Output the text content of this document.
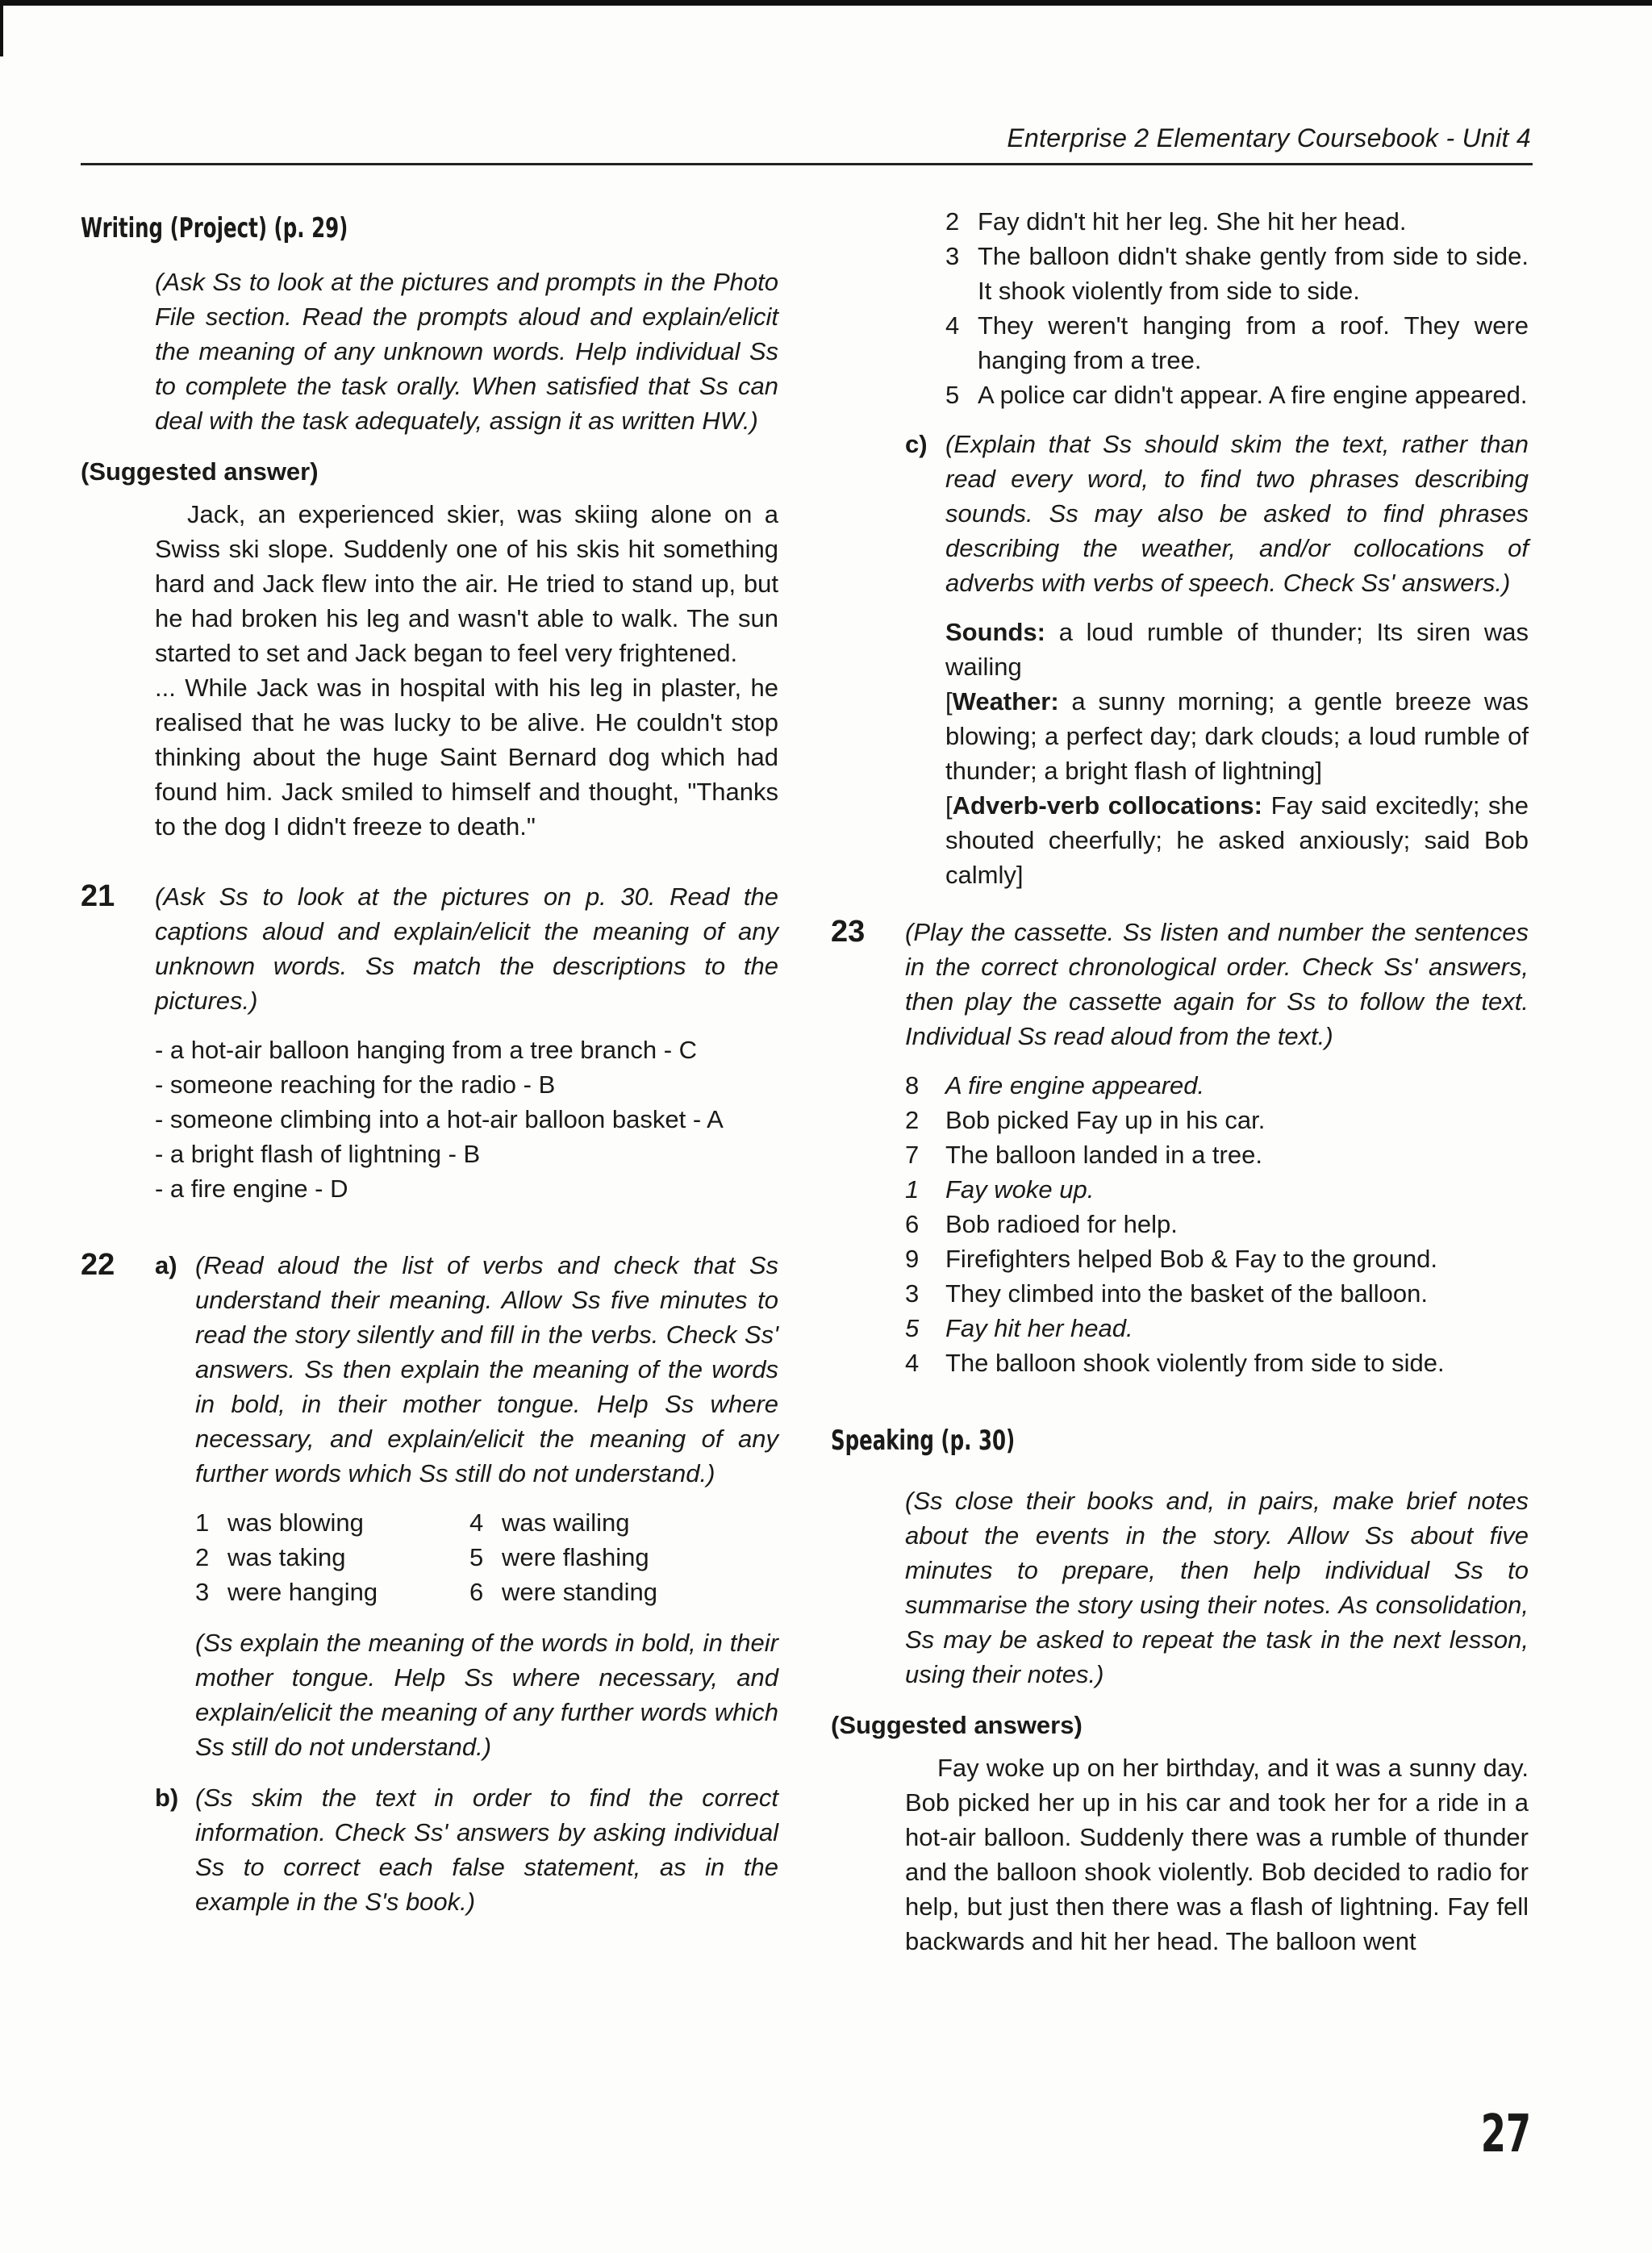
Enterprise 2 Elementary Coursebook - Unit 4
Writing (Project) (p. 29)
(Ask Ss to look at the pictures and prompts in the Photo File section. Read the prompts aloud and explain/elicit the meaning of any unknown words. Help individual Ss to complete the task orally. When satisfied that Ss can deal with the task adequately, assign it as written HW.)
(Suggested answer)
Jack, an experienced skier, was skiing alone on a Swiss ski slope. Suddenly one of his skis hit something hard and Jack flew into the air. He tried to stand up, but he had broken his leg and wasn't able to walk. The sun started to set and Jack began to feel very frightened.
... While Jack was in hospital with his leg in plaster, he realised that he was lucky to be alive. He couldn't stop thinking about the huge Saint Bernard dog which had found him. Jack smiled to himself and thought, "Thanks to the dog I didn't freeze to death."
21	(Ask Ss to look at the pictures on p. 30. Read the captions aloud and explain/elicit the meaning of any unknown words. Ss match the descriptions to the pictures.)
- a hot-air balloon hanging from a tree branch - C
- someone reaching for the radio - B
- someone climbing into a hot-air balloon basket - A
- a bright flash of lightning - B
- a fire engine - D
22	a) (Read aloud the list of verbs and check that Ss understand their meaning. Allow Ss five minutes to read the story silently and fill in the verbs. Check Ss' answers. Ss then explain the meaning of the words in bold, in their mother tongue. Help Ss where necessary, and explain/elicit the meaning of any further words which Ss still do not understand.)
1 was blowing	4 was wailing
2 was taking	5 were flashing
3 were hanging	6 were standing
(Ss explain the meaning of the words in bold, in their mother tongue. Help Ss where necessary, and explain/elicit the meaning of any further words which Ss still do not understand.)
b) (Ss skim the text in order to find the correct information. Check Ss' answers by asking individual Ss to correct each false statement, as in the example in the S's book.)
2 Fay didn't hit her leg. She hit her head.
3 The balloon didn't shake gently from side to side. It shook violently from side to side.
4 They weren't hanging from a roof. They were hanging from a tree.
5 A police car didn't appear. A fire engine appeared.
c) (Explain that Ss should skim the text, rather than read every word, to find two phrases describing sounds. Ss may also be asked to find phrases describing the weather, and/or collocations of adverbs with verbs of speech. Check Ss' answers.)
Sounds: a loud rumble of thunder; Its siren was wailing
[Weather: a sunny morning; a gentle breeze was blowing; a perfect day; dark clouds; a loud rumble of thunder; a bright flash of lightning]
[Adverb-verb collocations: Fay said excitedly; she shouted cheerfully; he asked anxiously; said Bob calmly]
23	(Play the cassette. Ss listen and number the sentences in the correct chronological order. Check Ss' answers, then play the cassette again for Ss to follow the text. Individual Ss read aloud from the text.)
8	A fire engine appeared.
2	Bob picked Fay up in his car.
7	The balloon landed in a tree.
1	Fay woke up.
6	Bob radioed for help.
9	Firefighters helped Bob & Fay to the ground.
3	They climbed into the basket of the balloon.
5	Fay hit her head.
4	The balloon shook violently from side to side.
Speaking (p. 30)
(Ss close their books and, in pairs, make brief notes about the events in the story. Allow Ss about five minutes to prepare, then help individual Ss to summarise the story using their notes. As consolidation, Ss may be asked to repeat the task in the next lesson, using their notes.)
(Suggested answers)
Fay woke up on her birthday, and it was a sunny day. Bob picked her up in his car and took her for a ride in a hot-air balloon. Suddenly there was a rumble of thunder and the balloon shook violently. Bob decided to radio for help, but just then there was a flash of lightning. Fay fell backwards and hit her head. The balloon went
27
